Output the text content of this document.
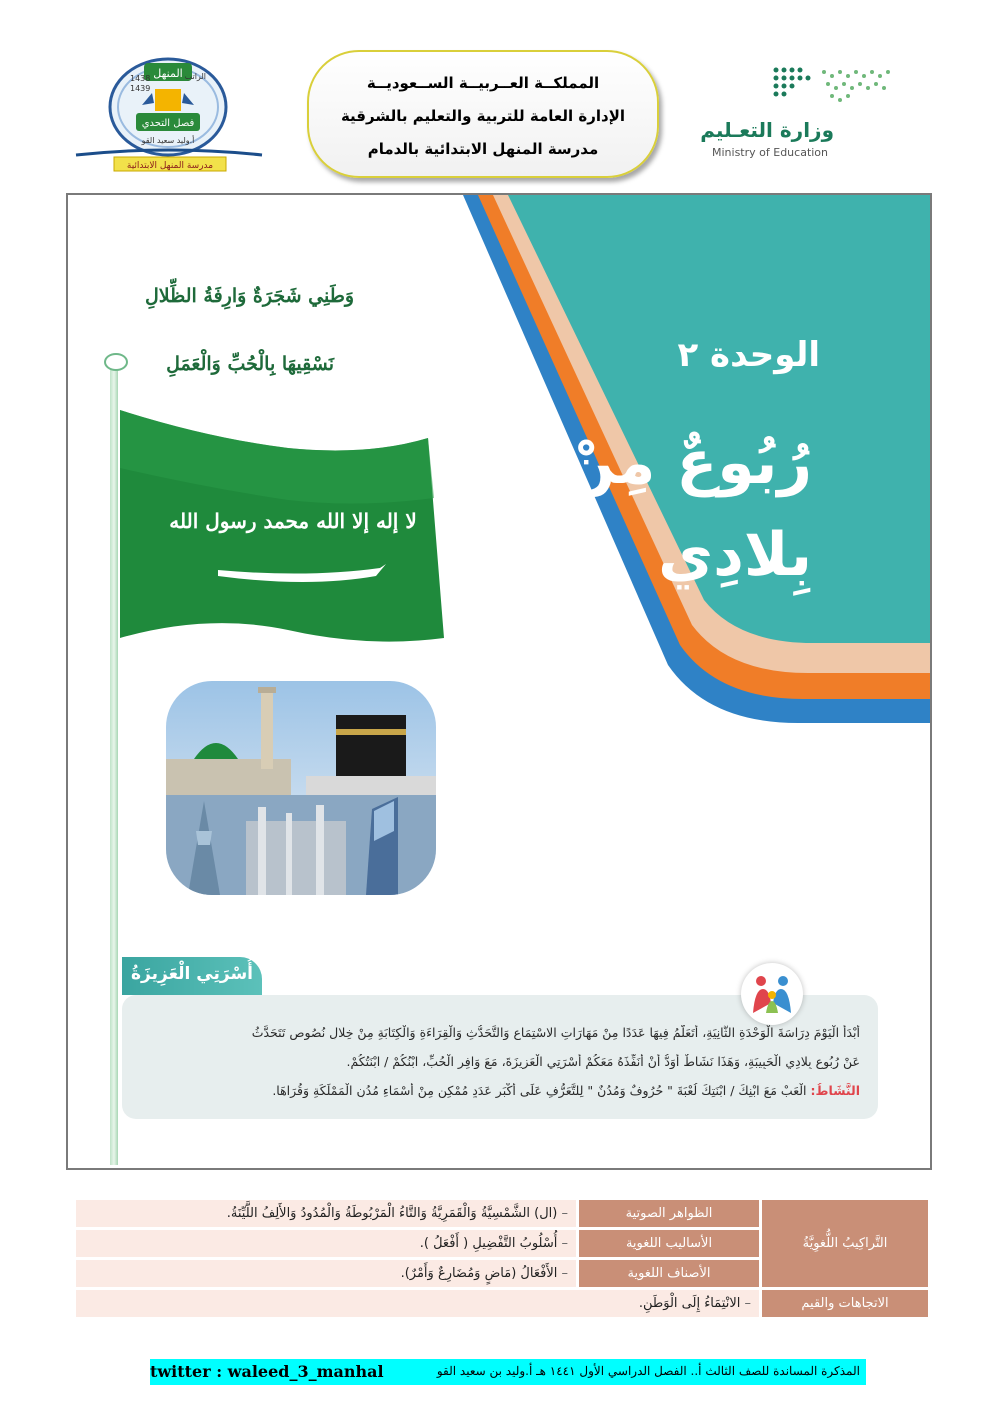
المنهل
1438
1439
الراتب
فصل التحدي
أ.وليد سعيد القو
مدرسة المنهل الابتدائية
المملكــة العــربيــة الســعوديــة
الإدارة العامة للتربية والتعليم بالشرقية
مدرسة المنهل الابتدائية بالدمام
وزارة التعـليم
Ministry of Education
الوحدة ٢
رُبُوعٌ مِنْ
بِلادِي
وَطَنِي شَجَرَةٌ وَارِفَةُ الظِّلالِ
نَسْقِيهَا بِالْحُبِّ وَالْعَمَلِ
لا إله إلا الله محمد رسول الله
أُسْرَتِي الْعَزِيزَةُ
أَبْدَأُ الْيَوْمَ دِرَاسَةَ الْوَحْدَةِ الثَّانِيَةِ، أَتَعَلَّمُ فِيهَا عَدَدًا مِنْ مَهَارَاتِ الاسْتِمَاعِ وَالتَّحَدُّثِ وَالْقِرَاءَةِ وَالْكِتَابَةِ مِنْ خِلالِ نُصُوصٍ تَتَحَدَّثُ
عَنْ رُبُوعِ بِلادِي الْحَبِيبَةِ، وَهَذَا نَشَاطٌ أَوَدُّ أَنْ أُنَفِّذَهُ مَعَكُمْ أُسْرَتِي الْعَزِيزَةَ، مَعَ وَافِرِ الْحُبِّ، ابْنُكُمْ / ابْنَتُكُمْ.
النَّشَاطُ: الْعَبْ مَعَ ابْنِكَ / ابْنَتِكَ لُعْبَةَ " حُرُوفٌ وَمُدُنٌ " لِلتَّعَرُّفِ عَلَى أَكْبَرِ عَدَدٍ مُمْكِنٍ مِنْ أَسْمَاءِ مُدُنِ الْمَمْلَكَةِ وَقُرَاهَا.
التَّراكِيبُ اللُّغوِيَّةُ	الظواهر الصوتية	– (ال) الشَّمْسِيَّةُ وَالْقَمَرِيَّةُ وَالتَّاءُ الْمَرْبُوطَةُ وَالْمُدُودُ وَالأَلِفُ اللَّيِّنَةُ.
	الأساليب اللغوية	– أُسْلُوبُ التَّفْضِيلِ ( أَفْعَلُ ).
	الأصناف اللغوية	– الأَفْعَالُ (مَاضٍ وَمُضَارِعٌ وَأَمْرٌ).
الاتجاهات والقيم	– الانْتِمَاءُ إِلَى الْوَطَنِ.	
المذكرة المساندة للصف الثالث أ.. الفصل الدراسي الأول ١٤٤١ هـ أ.وليد بن سعيد القو
twitter : waleed_3_manhal
